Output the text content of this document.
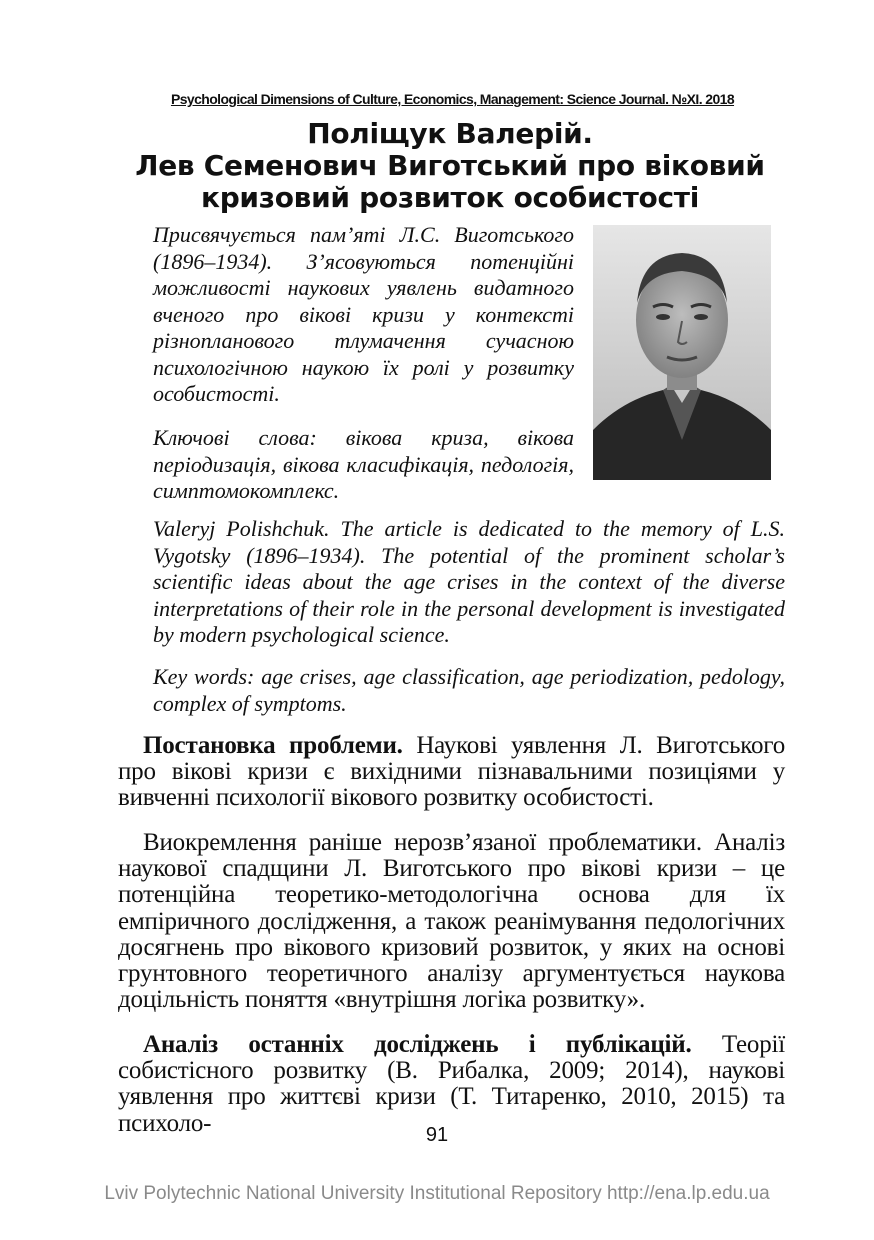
Psychological Dimensions of Culture, Economics, Management: Science Journal. №XI. 2018
Поліщук Валерій.
Лев Семенович Виготський про віковий
кризовий розвиток особистості

Присвячується пам’яті Л.С. Виготського (1896–1934). З’ясовуються потенційні можливості наукових уявлень видатного вченого про вікові кризи у контексті різнопланового тлумачення сучасною психологічною наукою їх ролі у розвитку особистості.

Ключові слова: вікова криза, вікова періодизація, вікова класифікація, педологія, симптомокомплекс.

Valeryj Polishchuk. The article is dedicated to the memory of L.S. Vygotsky (1896–1934). The potential of the prominent scholar’s scientific ideas about the age crises in the context of the diverse interpretations of their role in the personal development is investigated by modern psychological science.

Key words: age crises, age classification, age periodization, pedology, complex of symptoms.

Постановка проблеми. Наукові уявлення Л. Виготського про вікові кризи є вихідними пізнавальними позиціями у вивченні психології вікового розвитку особистості.

Виокремлення раніше нерозв’язаної проблематики. Аналіз наукової спадщини Л. Виготського про вікові кризи – це потенційна теоретико-методологічна основа для їх емпіричного дослідження, а також реанімування педологічних досягнень про вікового кризовий розвиток, у яких на основі грунтовного теоретичного аналізу аргументується наукова доцільність поняття «внутрішня логіка розвитку».

Аналіз останніх досліджень і публікацій. Теорії собистісного розвитку (В. Рибалка, 2009; 2014), наукові уявлення про життєві кризи (Т. Титаренко, 2010, 2015) та психоло-	91
Lviv Polytechnic National University Institutional Repository http://ena.lp.edu.ua
